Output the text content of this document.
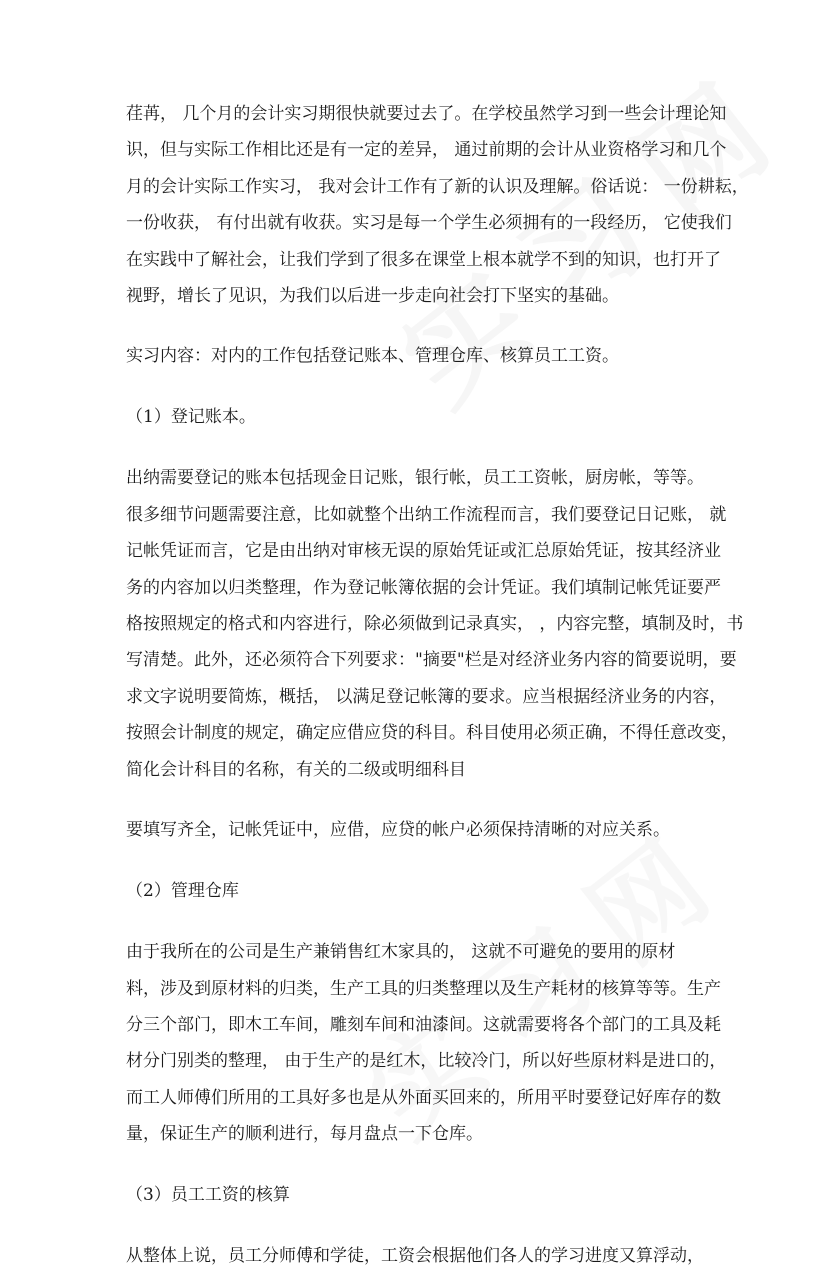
荏苒， 几个月的会计实习期很快就要过去了。在学校虽然学习到一些会计理论知
识，但与实际工作相比还是有一定的差异， 通过前期的会计从业资格学习和几个
月的会计实际工作实习， 我对会计工作有了新的认识及理解。俗话说： 一份耕耘，
一份收获， 有付出就有收获。实习是每一个学生必须拥有的一段经历， 它使我们
在实践中了解社会，让我们学到了很多在课堂上根本就学不到的知识，也打开了
视野，增长了见识，为我们以后进一步走向社会打下坚实的基础。
实习内容：对内的工作包括登记账本、管理仓库、核算员工工资。
（1）登记账本。
出纳需要登记的账本包括现金日记账，银行帐，员工工资帐，厨房帐，等等。
很多细节问题需要注意，比如就整个出纳工作流程而言，我们要登记日记账， 就
记帐凭证而言，它是由出纳对审核无误的原始凭证或汇总原始凭证，按其经济业
务的内容加以归类整理，作为登记帐簿依据的会计凭证。我们填制记帐凭证要严
格按照规定的格式和内容进行，除必须做到记录真实， ，内容完整，填制及时，书
写清楚。此外，还必须符合下列要求："摘要"栏是对经济业务内容的简要说明，要
求文字说明要简炼，概括， 以满足登记帐簿的要求。应当根据经济业务的内容，
按照会计制度的规定，确定应借应贷的科目。科目使用必须正确，不得任意改变，
简化会计科目的名称，有关的二级或明细科目
要填写齐全，记帐凭证中，应借，应贷的帐户必须保持清晰的对应关系。
（2）管理仓库
由于我所在的公司是生产兼销售红木家具的， 这就不可避免的要用的原材
料，涉及到原材料的归类，生产工具的归类整理以及生产耗材的核算等等。生产
分三个部门，即木工车间，雕刻车间和油漆间。这就需要将各个部门的工具及耗
材分门别类的整理， 由于生产的是红木，比较冷门，所以好些原材料是进口的，
而工人师傅们所用的工具好多也是从外面买回来的，所用平时要登记好库存的数
量，保证生产的顺利进行，每月盘点一下仓库。
（3）员工工资的核算
从整体上说，员工分师傅和学徒，工资会根据他们各人的学习进度又算浮动，
